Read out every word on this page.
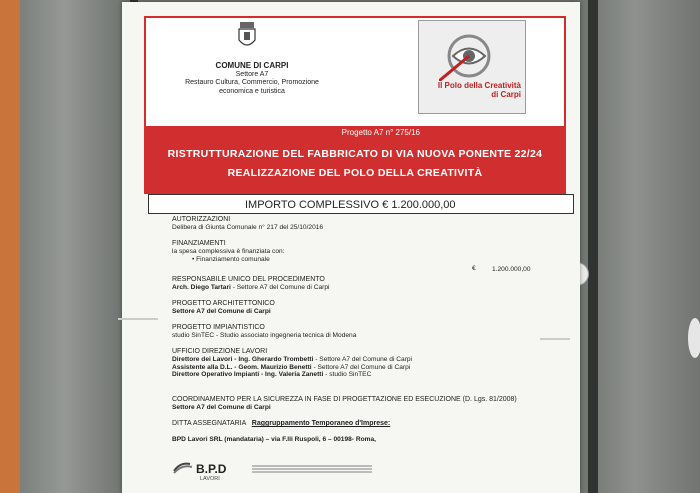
COMUNE DI CARPI
Settore A7
Restauro Cultura, Commercio, Promozione
economica e turistica
Il Polo della Creatività
di Carpi
Progetto A7 n° 275/16
RISTRUTTURAZIONE DEL FABBRICATO DI VIA NUOVA PONENTE 22/24
REALIZZAZIONE DEL POLO DELLA CREATIVITÀ
IMPORTO COMPLESSIVO € 1.200.000,00
AUTORIZZAZIONI
Delibera di Giunta Comunale n° 217 del 25/10/2016
FINANZIAMENTI
la spesa complessiva è finanziata con:
• Finanziamento comunale
€ 1.200.000,00
RESPONSABILE UNICO DEL PROCEDIMENTO
Arch. Diego Tartari - Settore A7 del Comune di Carpi
PROGETTO ARCHITETTONICO
Settore A7 del Comune di Carpi
PROGETTO IMPIANTISTICO
studio SinTEC - Studio associato ingegneria tecnica di Modena
UFFICIO DIREZIONE LAVORI
Direttore dei Lavori - Ing. Gherardo Trombetti - Settore A7 del Comune di Carpi
Assistente alla D.L. - Geom. Maurizio Benetti - Settore A7 del Comune di Carpi
Direttore Operativo Impianti - Ing. Valeria Zanetti - studio SinTEC
COORDINAMENTO PER LA SICUREZZA IN FASE DI PROGETTAZIONE ED ESECUZIONE (D. Lgs. 81/2008)
Settore A7 del Comune di Carpi
DITTA ASSEGNATARIA Raggruppamento Temporaneo d'Imprese:
BPD Lavori SRL (mandataria) – via F.lli Ruspoli, 6 – 00198- Roma,
B.P.D
LAVORI
